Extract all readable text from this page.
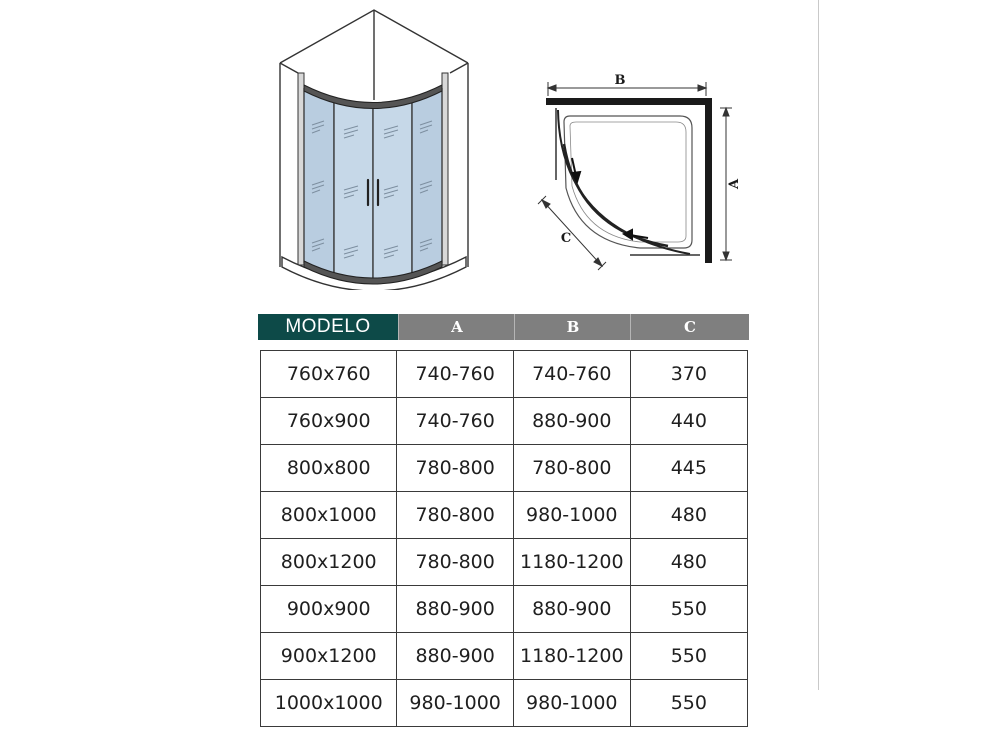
B
A
C
MODELO	A	B	C
760x760	740-760	740-760	370
760x900	740-760	880-900	440
800x800	780-800	780-800	445
800x1000	780-800	980-1000	480
800x1200	780-800	1180-1200	480
900x900	880-900	880-900	550
900x1200	880-900	1180-1200	550
1000x1000	980-1000	980-1000	550
